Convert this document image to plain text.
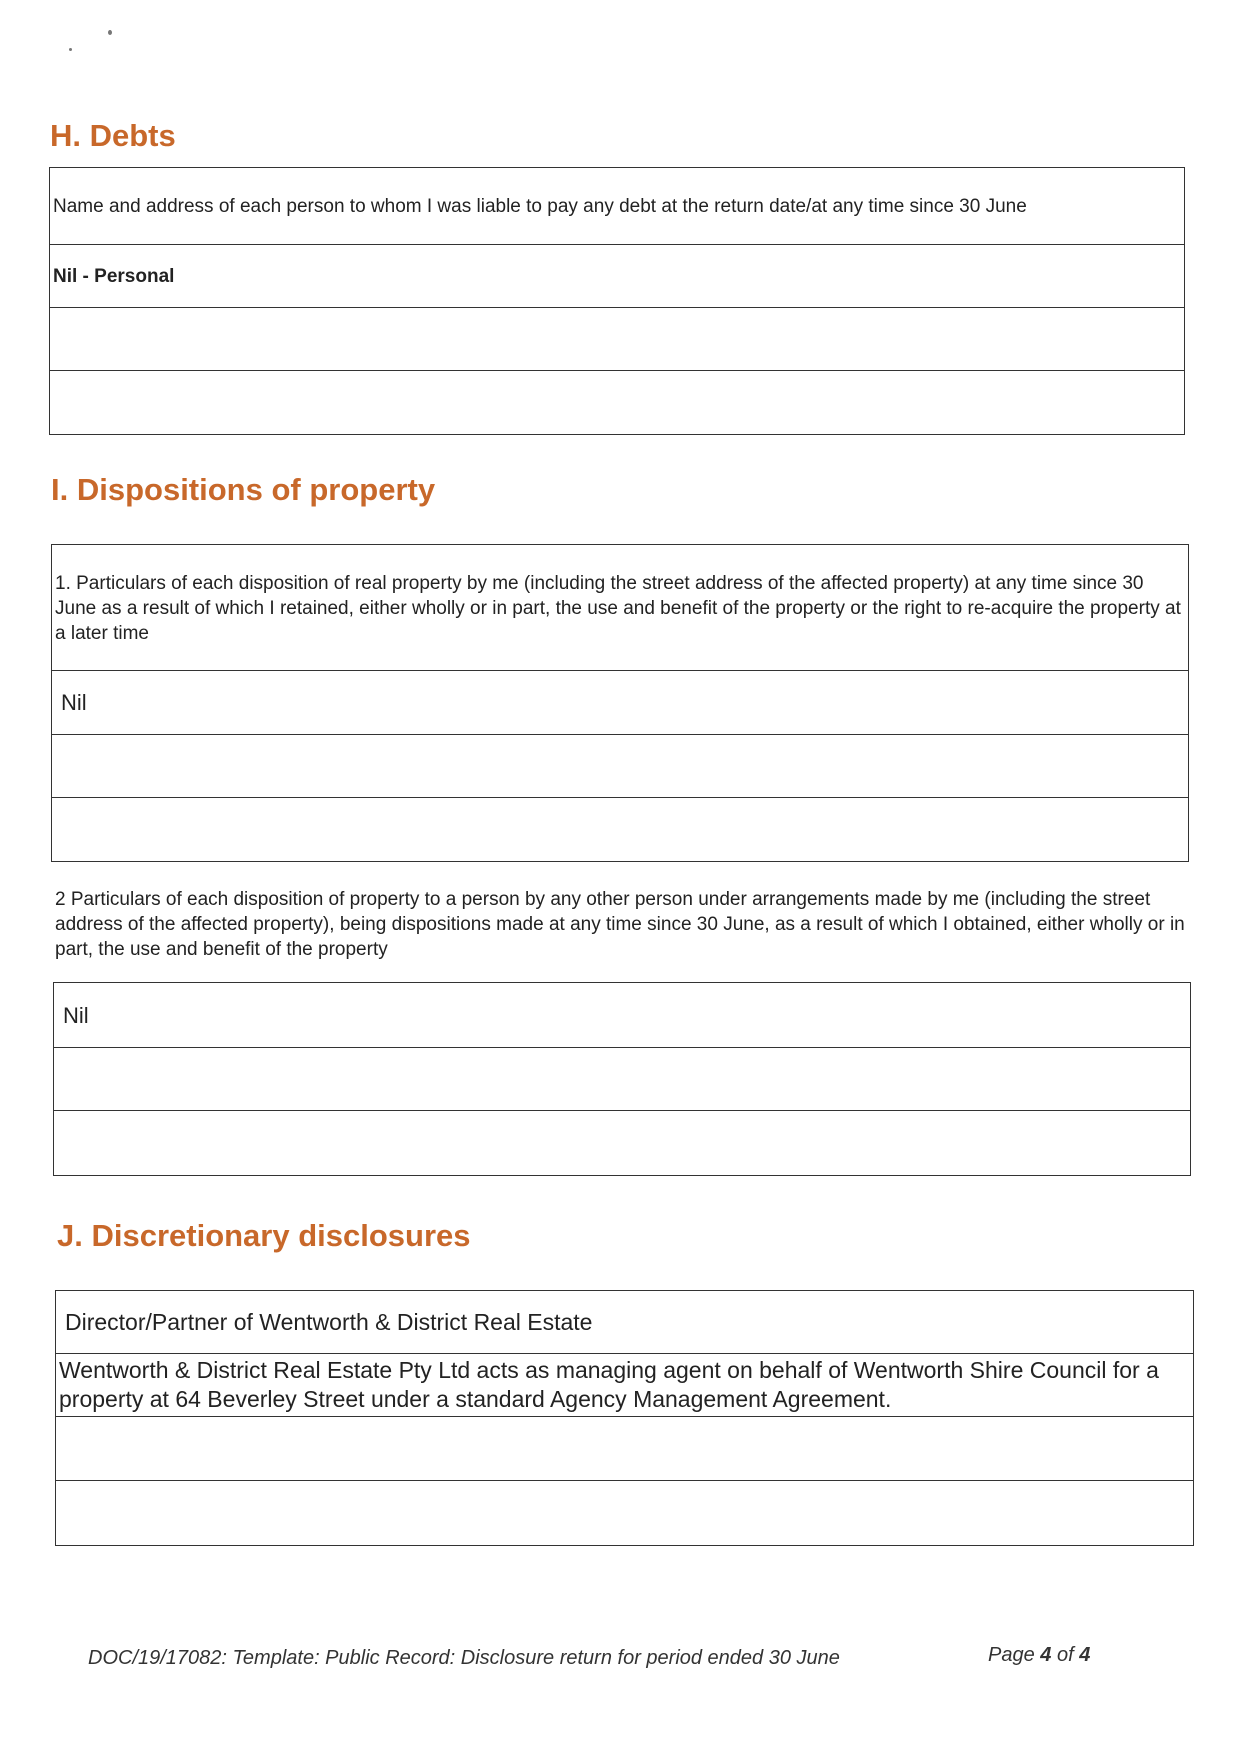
H. Debts
Name and address of each person to whom I was liable to pay any debt at the return date/at any time since 30 June
Nil - Personal
I. Dispositions of property
1. Particulars of each disposition of real property by me (including the street address of the affected property) at any time since 30 June as a result of which I retained, either wholly or in part, the use and benefit of the property or the right to re-acquire the property at a later time
Nil

2 Particulars of each disposition of property to a person by any other person under arrangements made by me (including the street address of the affected property), being dispositions made at any time since 30 June, as a result of which I obtained, either wholly or in part, the use and benefit of the property

Nil
J. Discretionary disclosures
Director/Partner of Wentworth & District Real Estate
Wentworth & District Real Estate Pty Ltd acts as managing agent on behalf of Wentworth Shire Council for a property at 64 Beverley Street under a standard Agency Management Agreement.
DOC/19/17082: Template: Public Record: Disclosure return for period ended 30 June	Page 4 of 4
